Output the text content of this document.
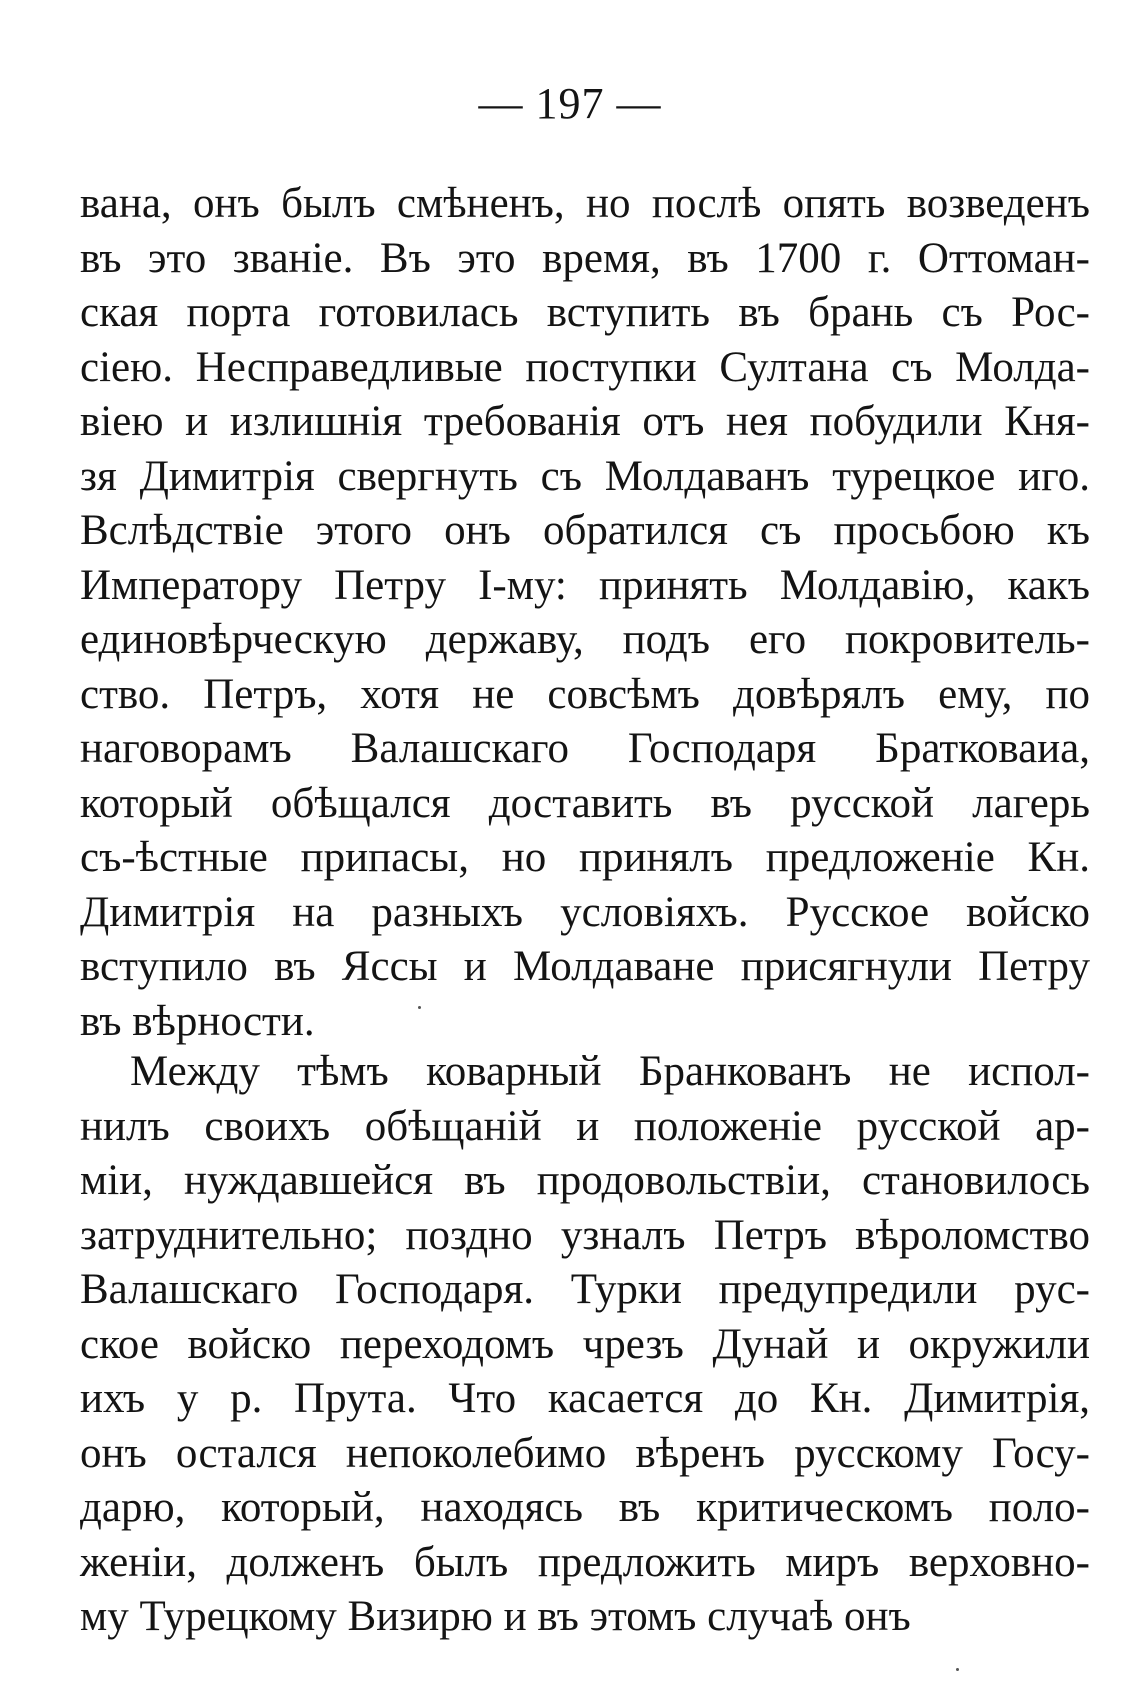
— 197 —
вана, онъ былъ смѣненъ, но послѣ опять возведенъ
въ это званіе. Въ это время, въ 1700 г. Оттоман-
ская порта готовилась вступить въ брань съ Рос-
сіею. Несправедливые поступки Султана съ Молда-
віею и излишнія требованія отъ нея побудили Кня-
зя Димитрія свергнуть съ Молдаванъ турецкое иго.
Вслѣдствіе этого онъ обратился съ просьбою къ
Императору Петру І-му: принять Молдавію, какъ
единовѣрческую державу, подъ его покровитель-
ство. Петръ, хотя не совсѣмъ довѣрялъ ему, по
наговорамъ Валашскаго Господаря Братковаиа,
который обѣщался доставить въ русской лагерь
съ-ѣстные припасы, но принялъ предложеніе Кн.
Димитрія на разныхъ условіяхъ. Русское войско
вступило въ Яссы и Молдаване присягнули Петру
въ вѣрности.
Между тѣмъ коварный Бранкованъ не испол-
нилъ своихъ обѣщаній и положеніе русской ар-
міи, нуждавшейся въ продовольствіи, становилось
затруднительно; поздно узналъ Петръ вѣроломство
Валашскаго Господаря. Турки предупредили рус-
ское войско переходомъ чрезъ Дунай и окружили
ихъ у р. Прута. Что касается до Кн. Димитрія,
онъ остался непоколебимо вѣренъ русскому Госу-
дарю, который, находясь въ критическомъ поло-
женіи, долженъ былъ предложить миръ верховно-
му Турецкому Визирю и въ этомъ случаѣ онъ
